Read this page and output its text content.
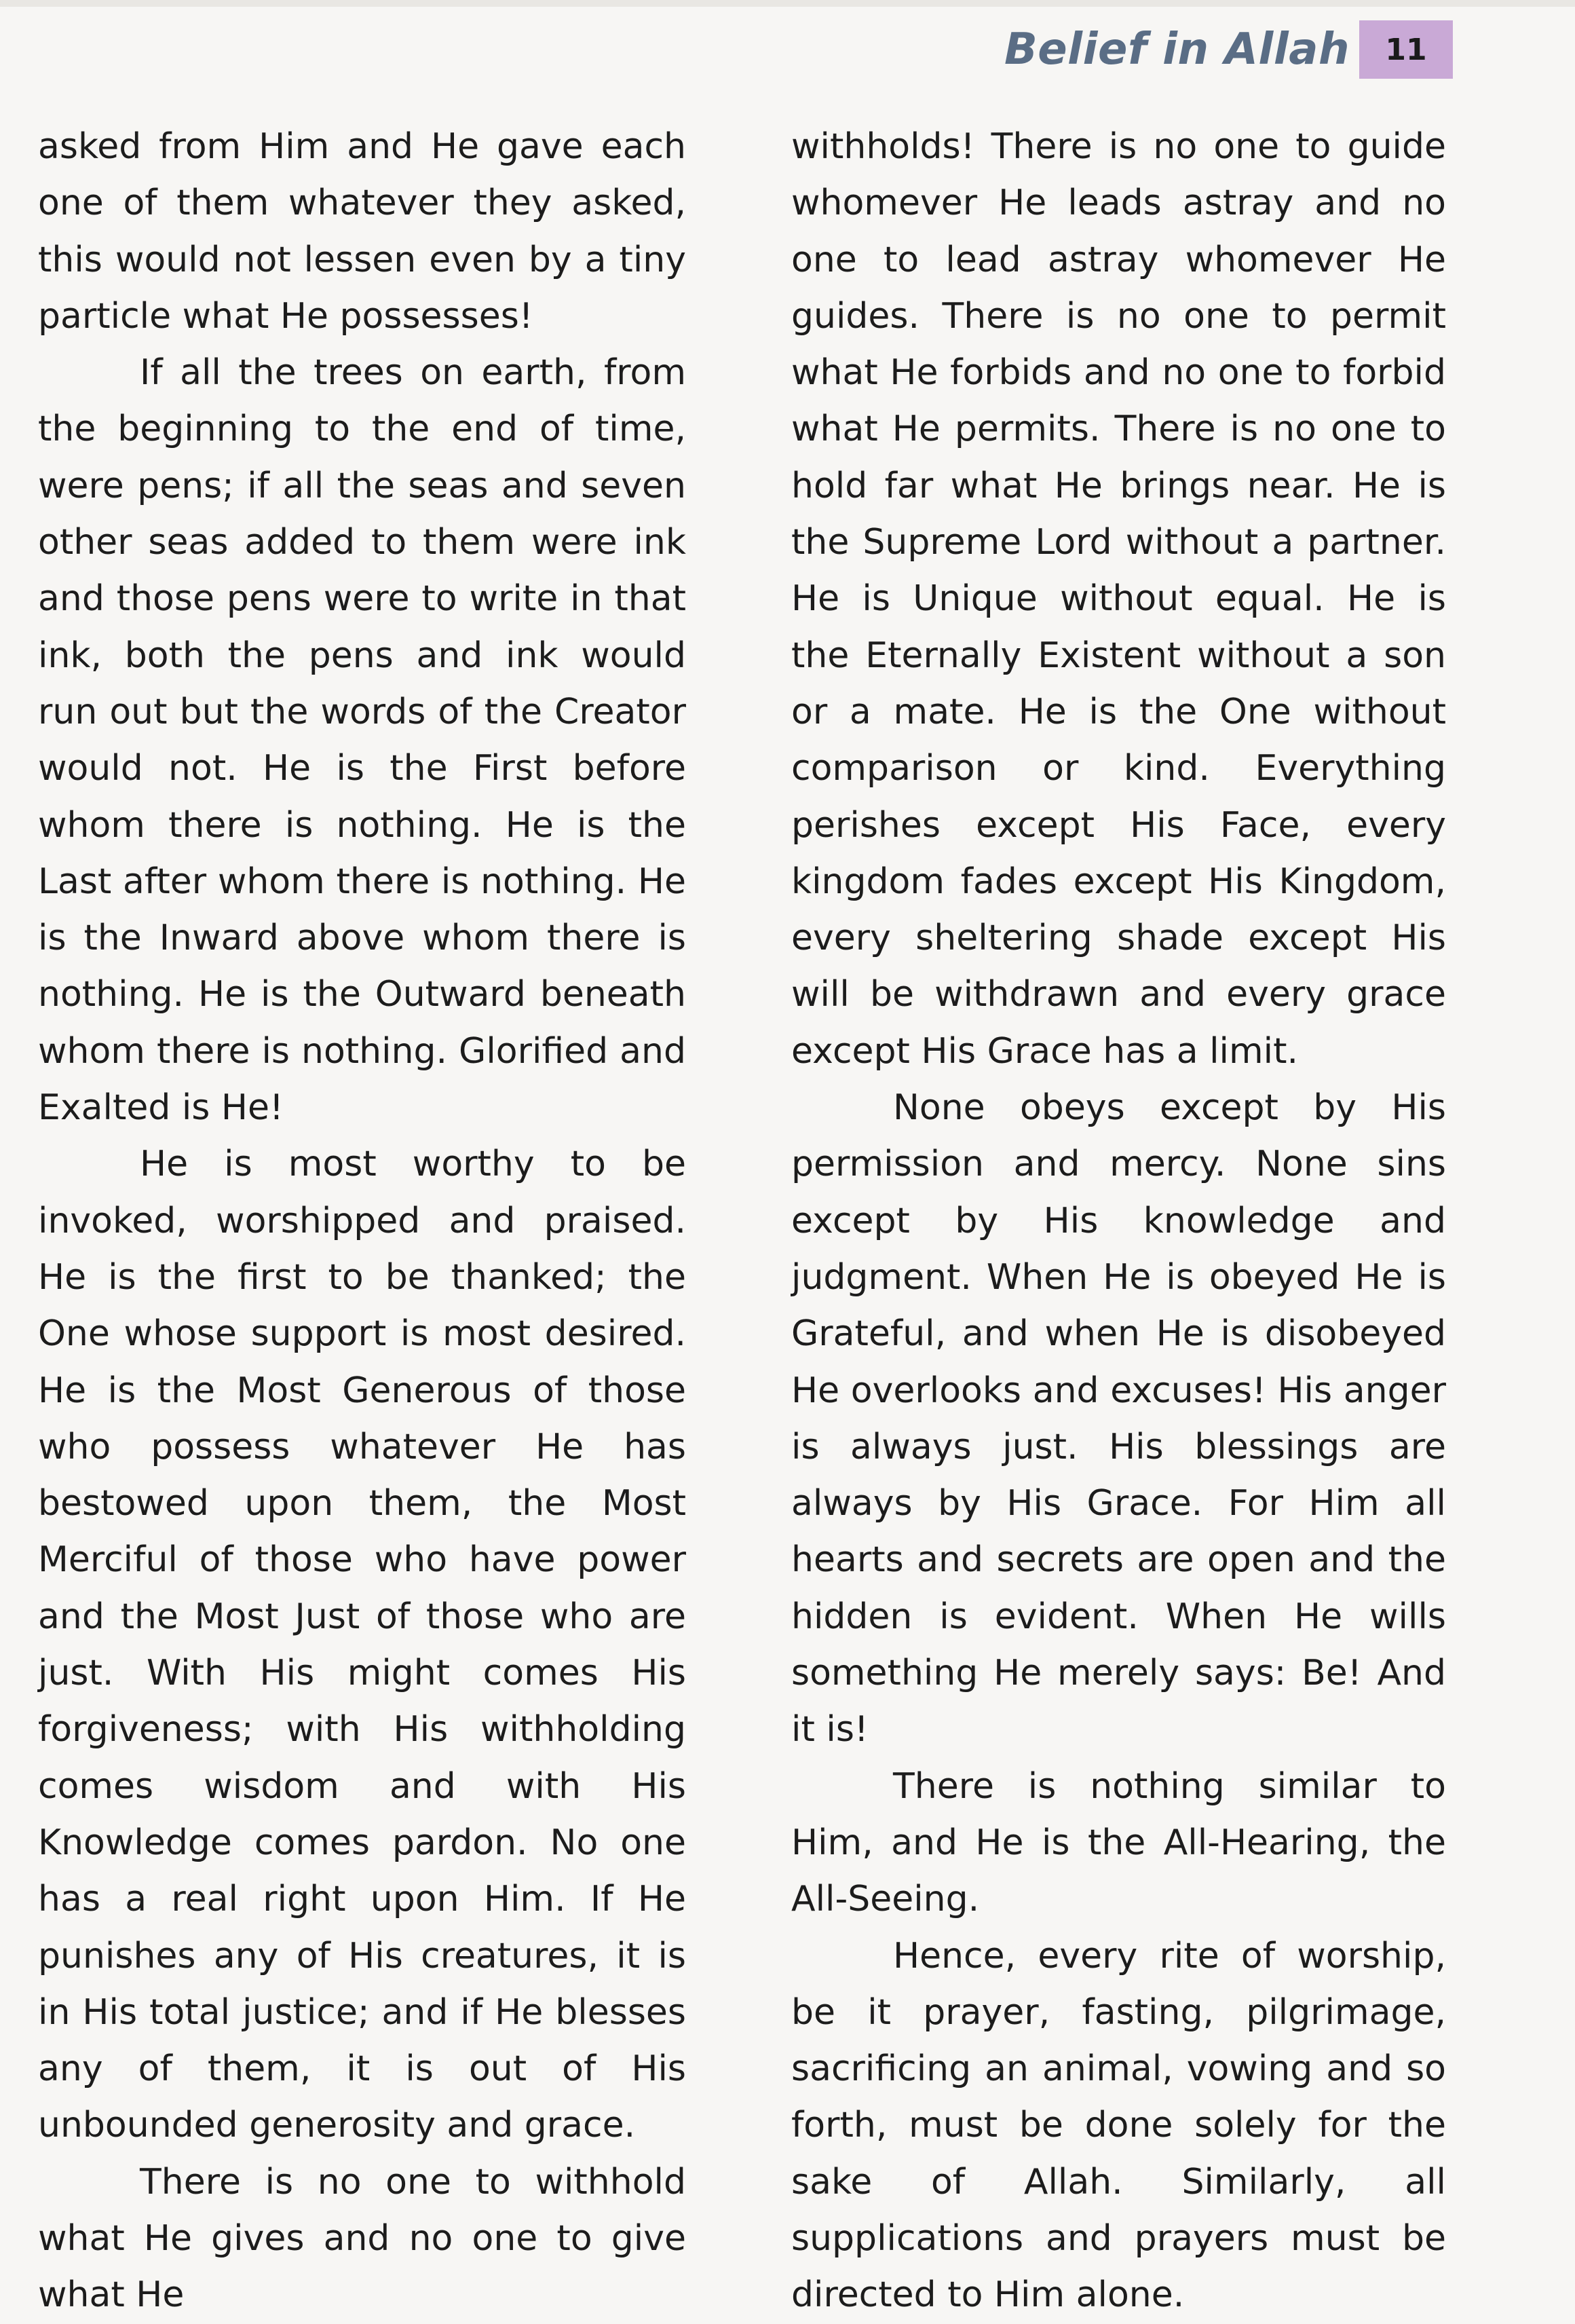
Belief in Allah 11

asked from Him and He gave each one of them whatever they asked, this would not lessen even by a tiny particle what He possesses!

If all the trees on earth, from the beginning to the end of time, were pens; if all the seas and seven other seas added to them were ink and those pens were to write in that ink, both the pens and ink would run out but the words of the Creator would not. He is the First before whom there is nothing. He is the Last after whom there is nothing. He is the Inward above whom there is nothing. He is the Outward beneath whom there is nothing. Glorified and Exalted is He!

He is most worthy to be invoked, worshipped and praised. He is the first to be thanked; the One whose support is most desired. He is the Most Generous of those who possess whatever He has bestowed upon them, the Most Merciful of those who have power and the Most Just of those who are just. With His might comes His forgiveness; with His withholding comes wisdom and with His Knowledge comes pardon. No one has a real right upon Him. If He punishes any of His creatures, it is in His total justice; and if He blesses any of them, it is out of His unbounded generosity and grace.

There is no one to withhold what He gives and no one to give what He

withholds! There is no one to guide whomever He leads astray and no one to lead astray whomever He guides. There is no one to permit what He forbids and no one to forbid what He permits. There is no one to hold far what He brings near. He is the Supreme Lord without a partner. He is Unique without equal. He is the Eternally Existent without a son or a mate. He is the One without comparison or kind. Everything perishes except His Face, every kingdom fades except His Kingdom, every sheltering shade except His will be withdrawn and every grace except His Grace has a limit.

None obeys except by His permission and mercy. None sins except by His knowledge and judgment. When He is obeyed He is Grateful, and when He is disobeyed He overlooks and excuses! His anger is always just. His blessings are always by His Grace. For Him all hearts and secrets are open and the hidden is evident. When He wills something He merely says: Be! And it is!

There is nothing similar to Him, and He is the All-Hearing, the All-Seeing.

Hence, every rite of worship, be it prayer, fasting, pilgrimage, sacrificing an animal, vowing and so forth, must be done solely for the sake of Allah. Similarly, all supplications and prayers must be directed to Him alone.
